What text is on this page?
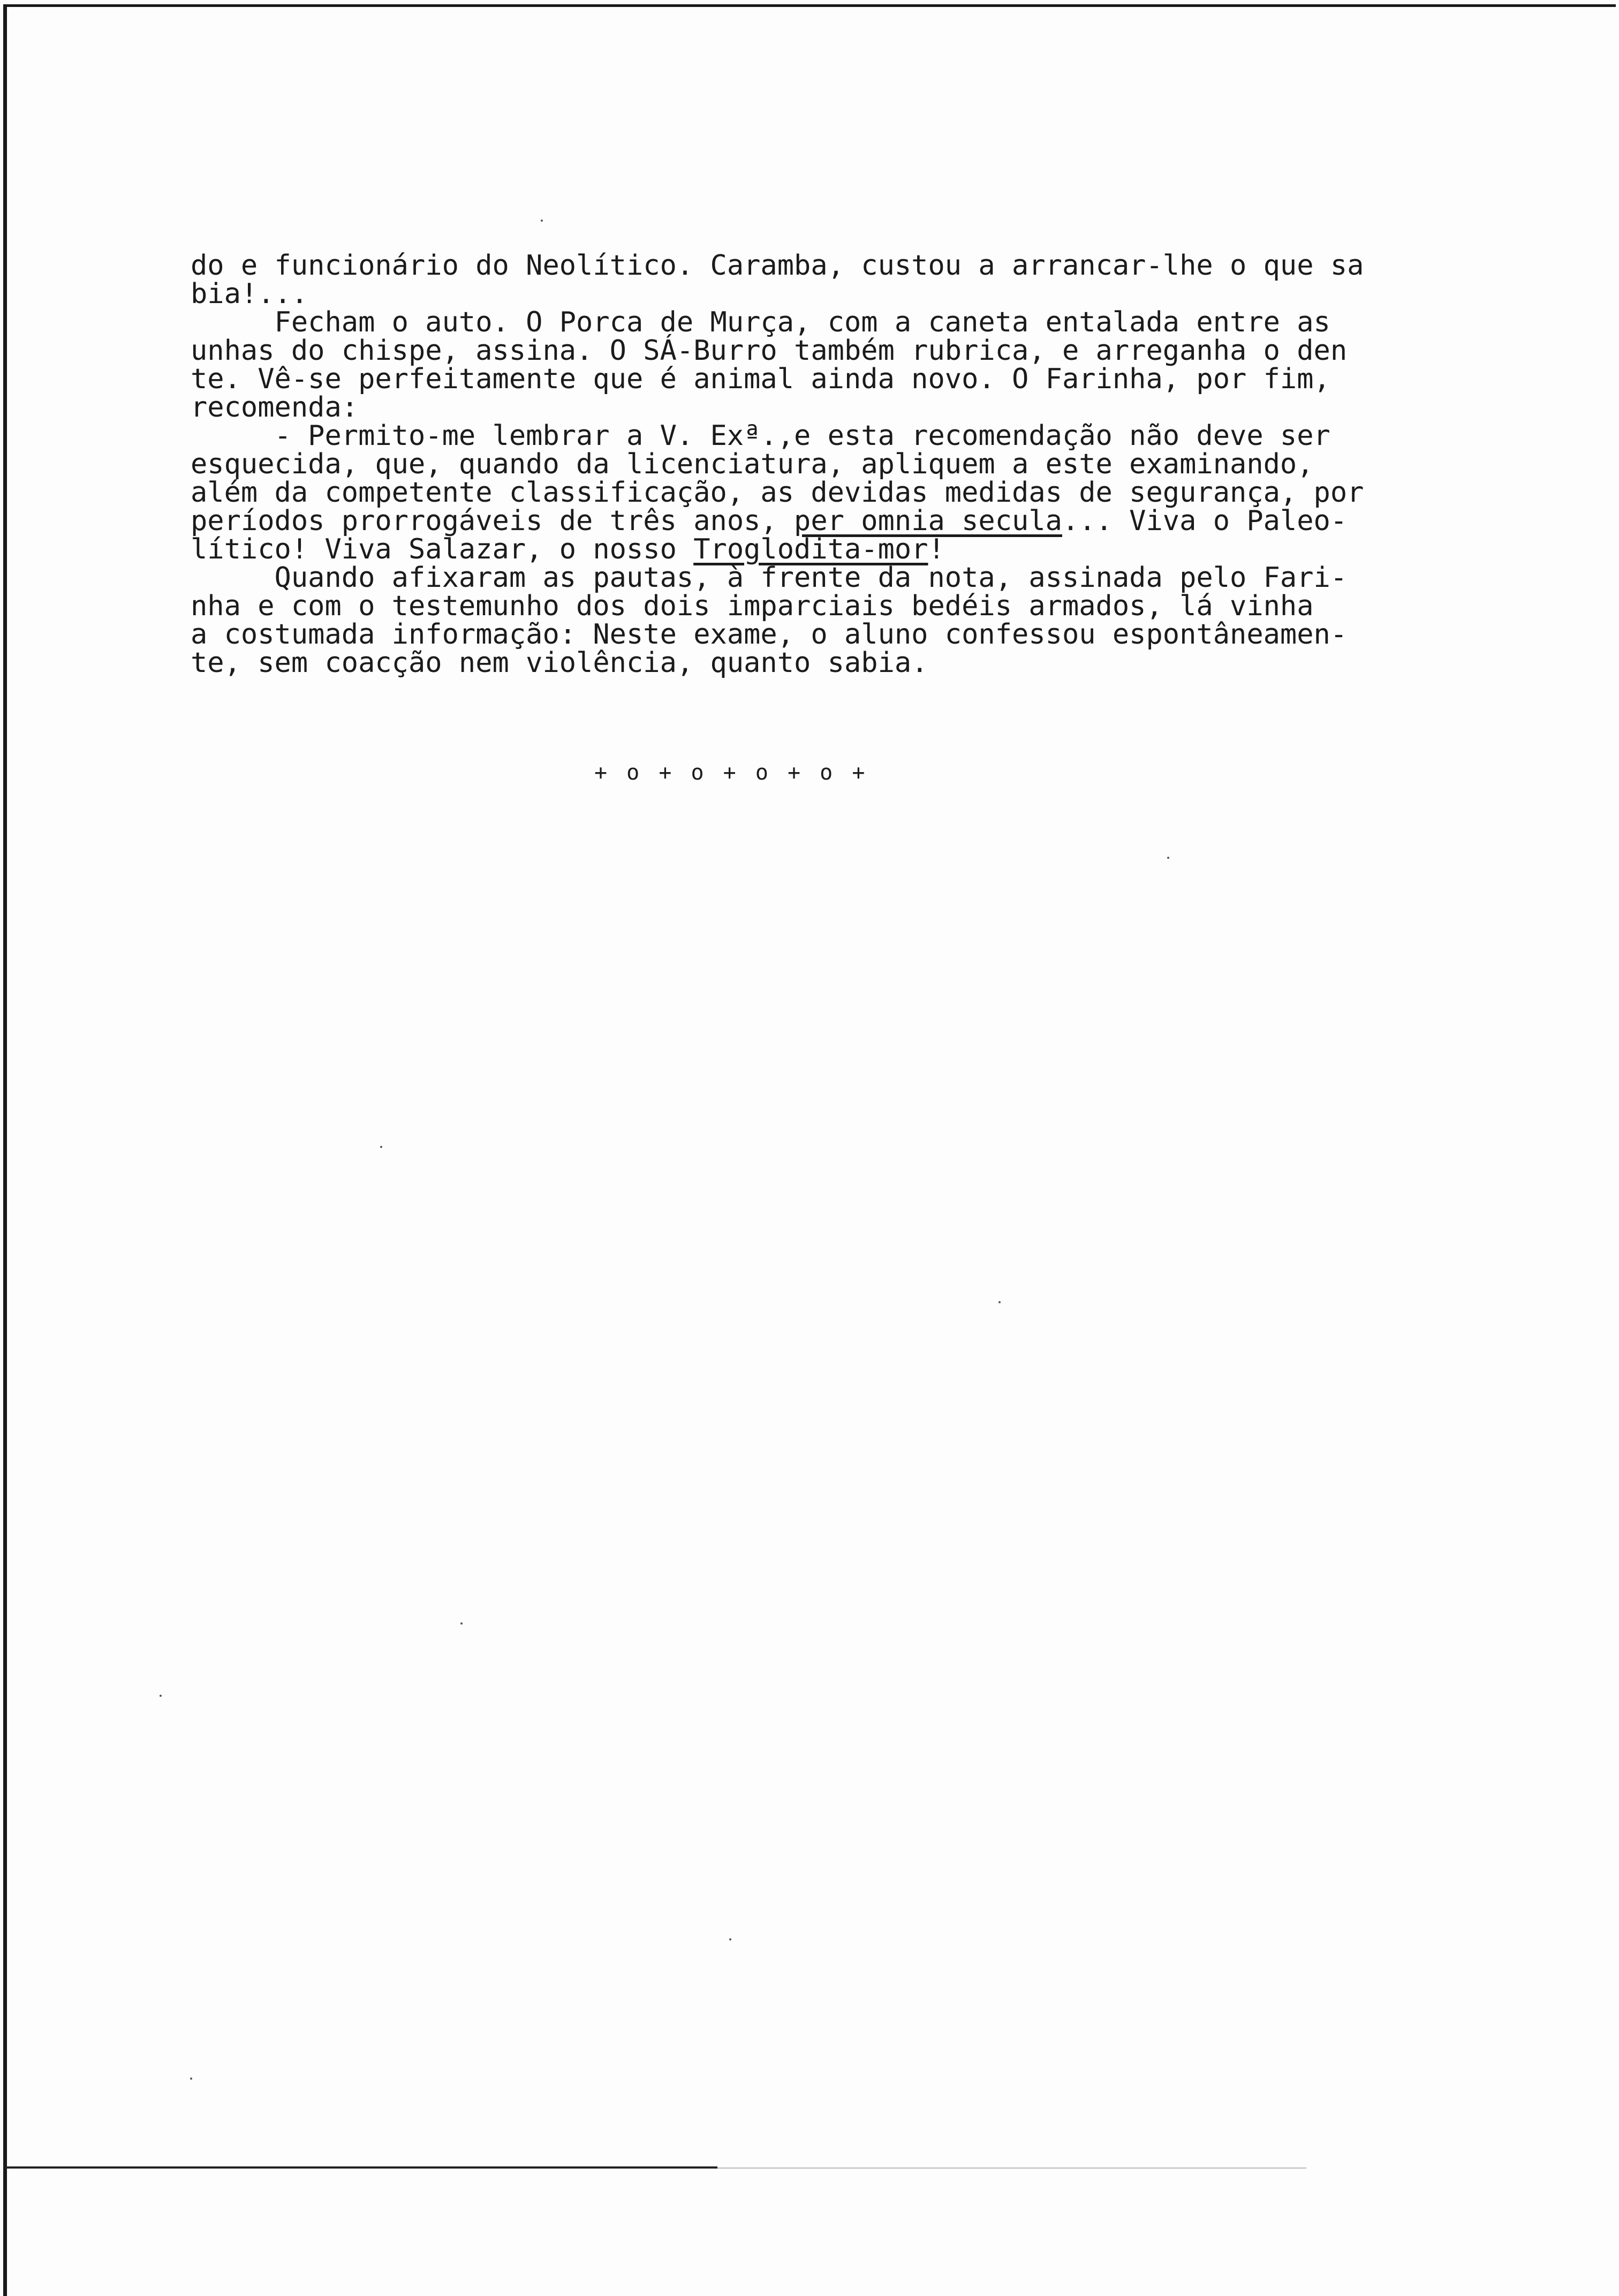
do e funcionário do Neolítico. Caramba, custou a arrancar-lhe o que sa
bia!...
Fecham o auto. O Porca de Murça, com a caneta entalada entre as
unhas do chispe, assina. O SÁ-Burro também rubrica, e arreganha o den
te. Vê-se perfeitamente que é animal ainda novo. O Farinha, por fim,
recomenda:
- Permito-me lembrar a V. Exª.,e esta recomendação não deve ser
esquecida, que, quando da licenciatura, apliquem a este examinando,
além da competente classificação, as devidas medidas de segurança, por
períodos prorrogáveis de três anos, per omnia secula... Viva o Paleo-
lítico! Viva Salazar, o nosso Troglodita-mor!
Quando afixaram as pautas, à frente da nota, assinada pelo Fari-
nha e com o testemunho dos dois imparciais bedéis armados, lá vinha
a costumada informação: Neste exame, o aluno confessou espontâneamen-
te, sem coacção nem violência, quanto sabia.
+ o + o + o + o +
